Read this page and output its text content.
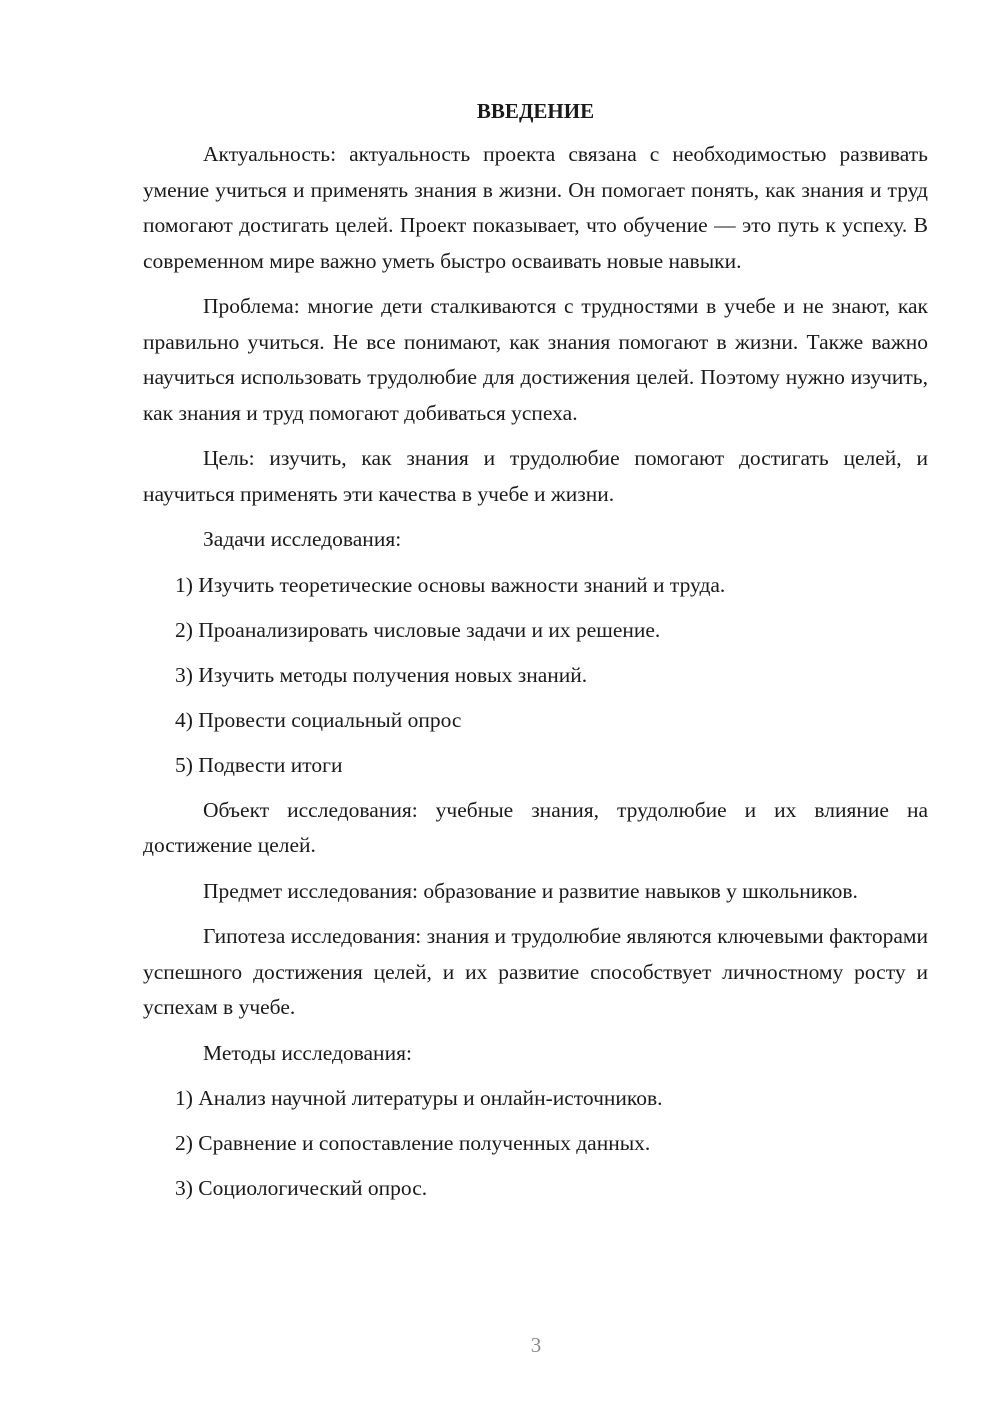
ВВЕДЕНИЕ

Актуальность: актуальность проекта связана с необходимостью развивать умение учиться и применять знания в жизни. Он помогает понять, как знания и труд помогают достигать целей. Проект показывает, что обучение — это путь к успеху. В современном мире важно уметь быстро осваивать новые навыки.

Проблема: многие дети сталкиваются с трудностями в учебе и не знают, как правильно учиться. Не все понимают, как знания помогают в жизни. Также важно научиться использовать трудолюбие для достижения целей. Поэтому нужно изучить, как знания и труд помогают добиваться успеха.

Цель: изучить, как знания и трудолюбие помогают достигать целей, и научиться применять эти качества в учебе и жизни.

Задачи исследования:

1) Изучить теоретические основы важности знаний и труда.

2) Проанализировать числовые задачи и их решение.

3) Изучить методы получения новых знаний.

4) Провести социальный опрос

5) Подвести итоги

Объект исследования: учебные знания, трудолюбие и их влияние на достижение целей.

Предмет исследования: образование и развитие навыков у школьников.

Гипотеза исследования: знания и трудолюбие являются ключевыми факторами успешного достижения целей, и их развитие способствует личностному росту и успехам в учебе.

Методы исследования:

1) Анализ научной литературы и онлайн-источников.

2) Сравнение и сопоставление полученных данных.

3) Социологический опрос.

3
